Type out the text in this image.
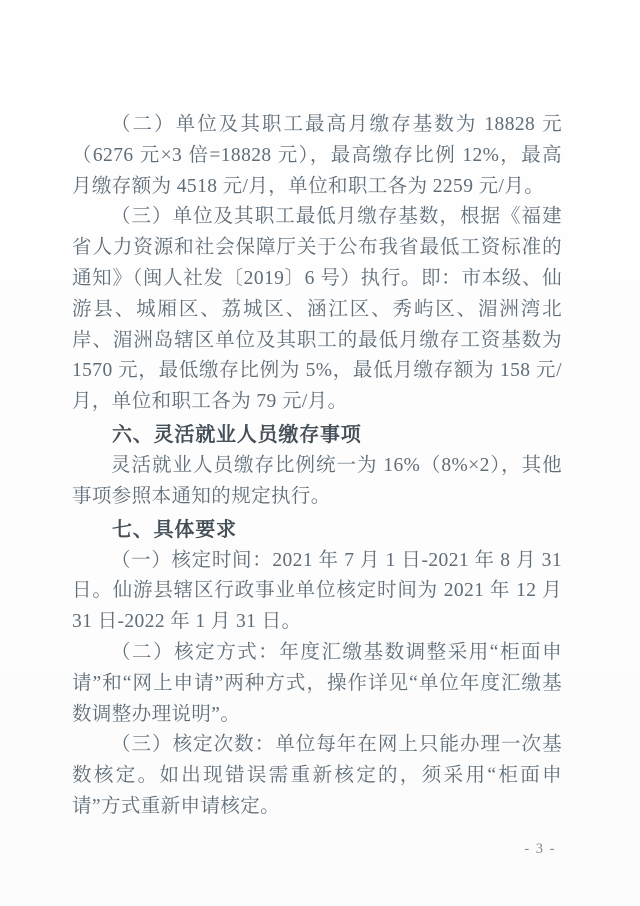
（二）单位及其职工最高月缴存基数为 18828 元（6276 元×3 倍=18828 元），最高缴存比例 12%，最高月缴存额为 4518 元/月，单位和职工各为 2259 元/月。

（三）单位及其职工最低月缴存基数，根据《福建省人力资源和社会保障厅关于公布我省最低工资标准的通知》（闽人社发〔2019〕6 号）执行。即：市本级、仙游县、城厢区、荔城区、涵江区、秀屿区、湄洲湾北岸、湄洲岛辖区单位及其职工的最低月缴存工资基数为 1570 元，最低缴存比例为 5%，最低月缴存额为 158 元/月，单位和职工各为 79 元/月。

六、灵活就业人员缴存事项

灵活就业人员缴存比例统一为 16%（8%×2），其他事项参照本通知的规定执行。

七、具体要求

（一）核定时间：2021 年 7 月 1 日-2021 年 8 月 31 日。仙游县辖区行政事业单位核定时间为 2021 年 12 月 31 日-2022 年 1 月 31 日。

（二）核定方式：年度汇缴基数调整采用“柜面申请”和“网上申请”两种方式，操作详见“单位年度汇缴基数调整办理说明”。

（三）核定次数：单位每年在网上只能办理一次基数核定。如出现错误需重新核定的，须采用“柜面申请”方式重新申请核定。

- 3 -
